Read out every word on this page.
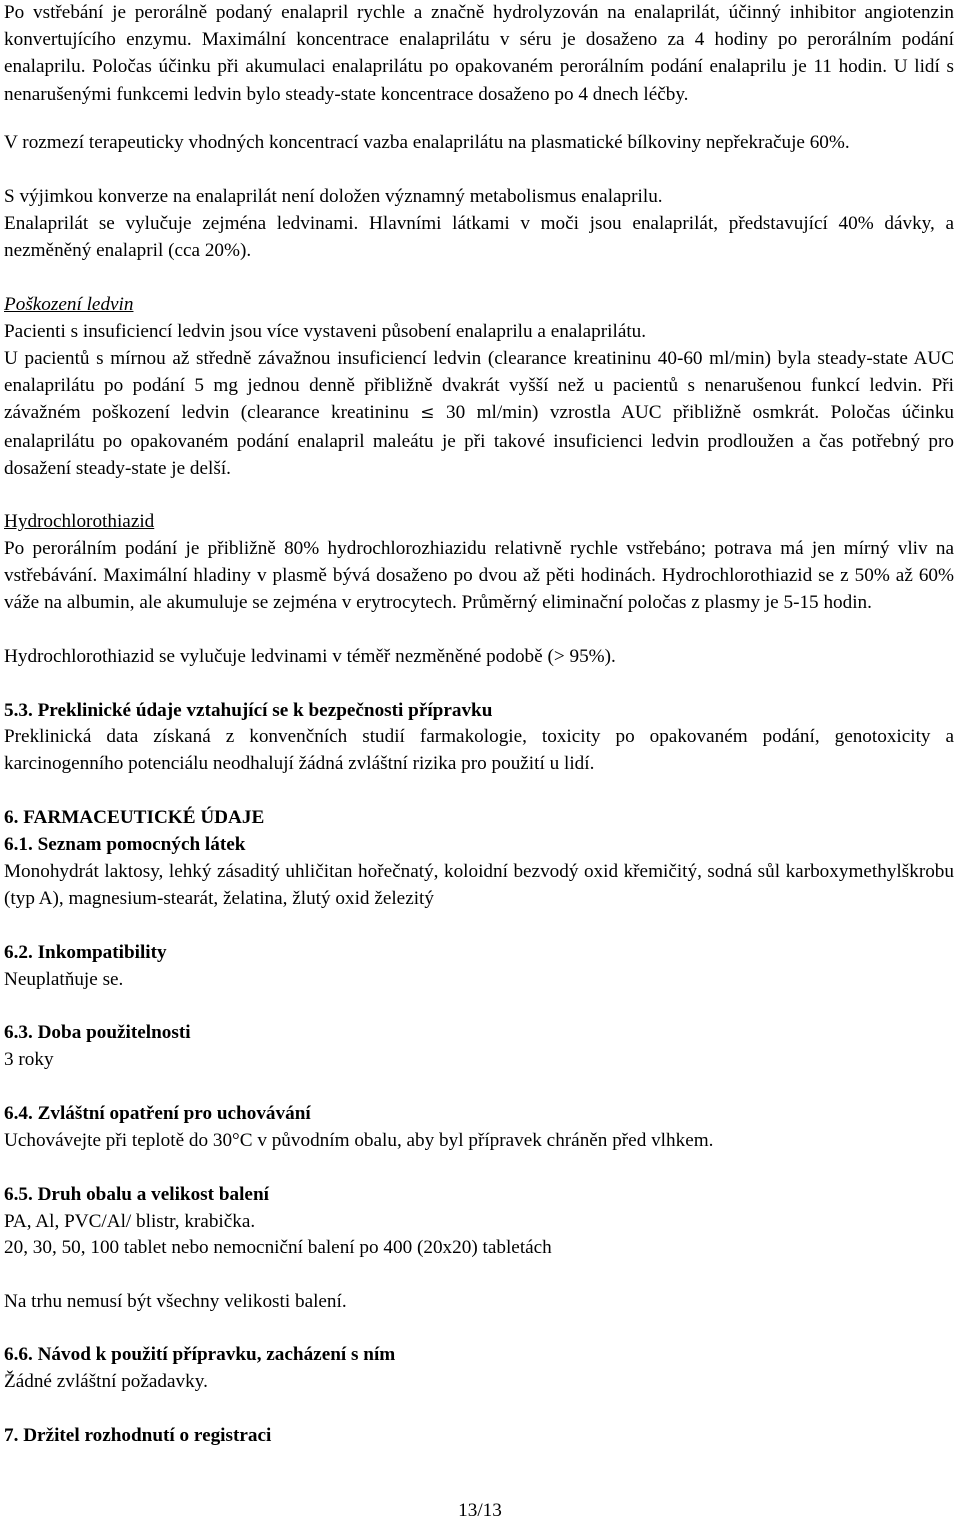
Po vstřebání je perorálně podaný enalapril rychle a značně hydrolyzován na enalaprilát, účinný inhibitor angiotenzin konvertujícího enzymu. Maximální koncentrace enalaprilátu v séru je dosaženo za 4 hodiny po perorálním podání enalaprilu. Poločas účinku při akumulaci enalaprilátu po opakovaném perorálním podání enalaprilu je 11 hodin. U lidí s nenarušenými funkcemi ledvin bylo steady-state koncentrace dosaženo po 4 dnech léčby.

V rozmezí terapeuticky vhodných koncentrací vazba enalaprilátu na plasmatické bílkoviny nepřekračuje 60%.

S výjimkou konverze na enalaprilát není doložen významný metabolismus enalaprilu.

Enalaprilát se vylučuje zejména ledvinami. Hlavními látkami v moči jsou enalaprilát, představující 40% dávky, a nezměněný enalapril (cca 20%).

Poškození ledvin

Pacienti s insuficiencí ledvin jsou více vystaveni působení enalaprilu a enalaprilátu.

U pacientů s mírnou až středně závažnou insuficiencí ledvin (clearance kreatininu 40-60 ml/min) byla steady-state AUC enalaprilátu po podání 5 mg jednou denně přibližně dvakrát vyšší než u pacientů s nenarušenou funkcí ledvin. Při závažném poškození ledvin (clearance kreatininu ≤ 30 ml/min) vzrostla AUC přibližně osmkrát. Poločas účinku enalaprilátu po opakovaném podání enalapril maleátu je při takové insuficienci ledvin prodloužen a čas potřebný pro dosažení steady-state je delší.

Hydrochlorothiazid

Po perorálním podání je přibližně 80% hydrochlorozhiazidu relativně rychle vstřebáno; potrava má jen mírný vliv na vstřebávání. Maximální hladiny v plasmě bývá dosaženo po dvou až pěti hodinách. Hydrochlorothiazid se z 50% až 60% váže na albumin, ale akumuluje se zejména v erytrocytech. Průměrný eliminační poločas z plasmy je 5-15 hodin.

Hydrochlorothiazid se vylučuje ledvinami v téměř nezměněné podobě (> 95%).

5.3. Preklinické údaje vztahující se k bezpečnosti přípravku

Preklinická data získaná z konvenčních studií farmakologie, toxicity po opakovaném podání, genotoxicity a karcinogenního potenciálu neodhalují žádná zvláštní rizika pro použití u lidí.

6. FARMACEUTICKÉ ÚDAJE

6.1. Seznam pomocných látek

Monohydrát laktosy, lehký zásaditý uhličitan hořečnatý, koloidní bezvodý oxid křemičitý, sodná sůl karboxymethylškrobu (typ A), magnesium-stearát, želatina, žlutý oxid železitý

6.2. Inkompatibility

Neuplatňuje se.

6.3. Doba použitelnosti

3 roky

6.4. Zvláštní opatření pro uchovávání

Uchovávejte při teplotě do 30°C v původním obalu, aby byl přípravek chráněn před vlhkem.

6.5. Druh obalu a velikost balení

PA, Al, PVC/Al/ blistr, krabička.

20, 30, 50, 100 tablet nebo nemocniční balení po 400 (20x20) tabletách

Na trhu nemusí být všechny velikosti balení.

6.6. Návod k použití přípravku, zacházení s ním

Žádné zvláštní požadavky.

7. Držitel rozhodnutí o registraci

13/13
